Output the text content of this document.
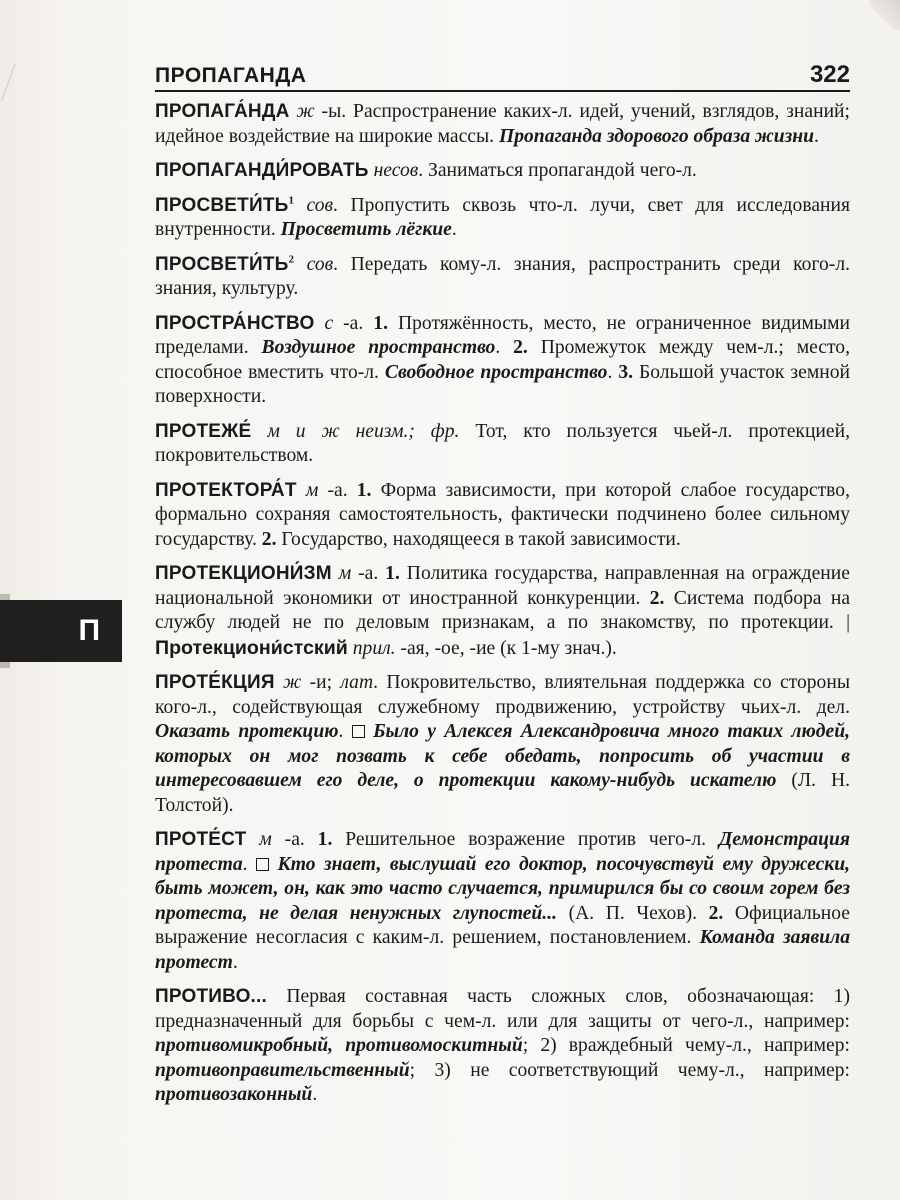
ПРОПАГАНДА	322
П

ПРОПАГА́НДА ж -ы. Распространение каких-л. идей, учений, взглядов, знаний; идейное воздействие на широкие массы. Пропаганда здорового образа жизни.

ПРОПАГАНДИ́РОВАТЬ несов. Заниматься пропагандой чего-л.

$ПРОСВЕТИ́ТЬ^1$ сов. Пропустить сквозь что-л. лучи, свет для исследования внутренности. Просветить лёгкие.

$ПРОСВЕТИ́ТЬ^2$ сов. Передать кому-л. знания, распространить среди кого-л. знания, культуру.

ПРОСТРА́НСТВО с -а. 1. Протяжённость, место, не ограниченное видимыми пределами. Воздушное пространство. 2. Промежуток между чем-л.; место, способное вместить что-л. Свободное пространство. 3. Большой участок земной поверхности.

ПРОТЕЖЕ́ м и ж неизм.; фр. Тот, кто пользуется чьей-л. протекцией, покровительством.

ПРОТЕКТОРА́Т м -а. 1. Форма зависимости, при которой слабое государство, формально сохраняя самостоятельность, фактически подчинено более сильному государству. 2. Государство, находящееся в такой зависимости.

ПРОТЕКЦИОНИ́ЗМ м -а. 1. Политика государства, направленная на ограждение национальной экономики от иностранной конкуренции. 2. Система подбора на службу людей не по деловым признакам, а по знакомству, по протекции. | Протекциони́стский прил. -ая, -ое, -ие (к 1-му знач.).

ПРОТЕ́КЦИЯ ж -и; лат. Покровительство, влиятельная поддержка со стороны кого-л., содействующая служебному продвижению, устройству чьих-л. дел. Оказать протекцию.  Было у Алексея Александровича много таких людей, которых он мог позвать к себе обедать, попросить об участии в интересовавшем его деле, о протекции какому-нибудь искателю (Л. Н. Толстой).

ПРОТЕ́СТ м -а. 1. Решительное возражение против чего-л. Демонстрация протеста.  Кто знает, выслушай его доктор, посочувствуй ему дружески, быть может, он, как это часто случается, примирился бы со своим горем без протеста, не делая ненужных глупостей... (А. П. Чехов). 2. Официальное выражение несогласия с каким-л. решением, постановлением. Команда заявила протест.

ПРОТИВО... Первая составная часть сложных слов, обозначающая: 1) предназначенный для борьбы с чем-л. или для защиты от чего-л., например: противомикробный, противомоскитный; 2) враждебный чему-л., например: противоправительственный; 3) не соответствующий чему-л., например: противозаконный.
